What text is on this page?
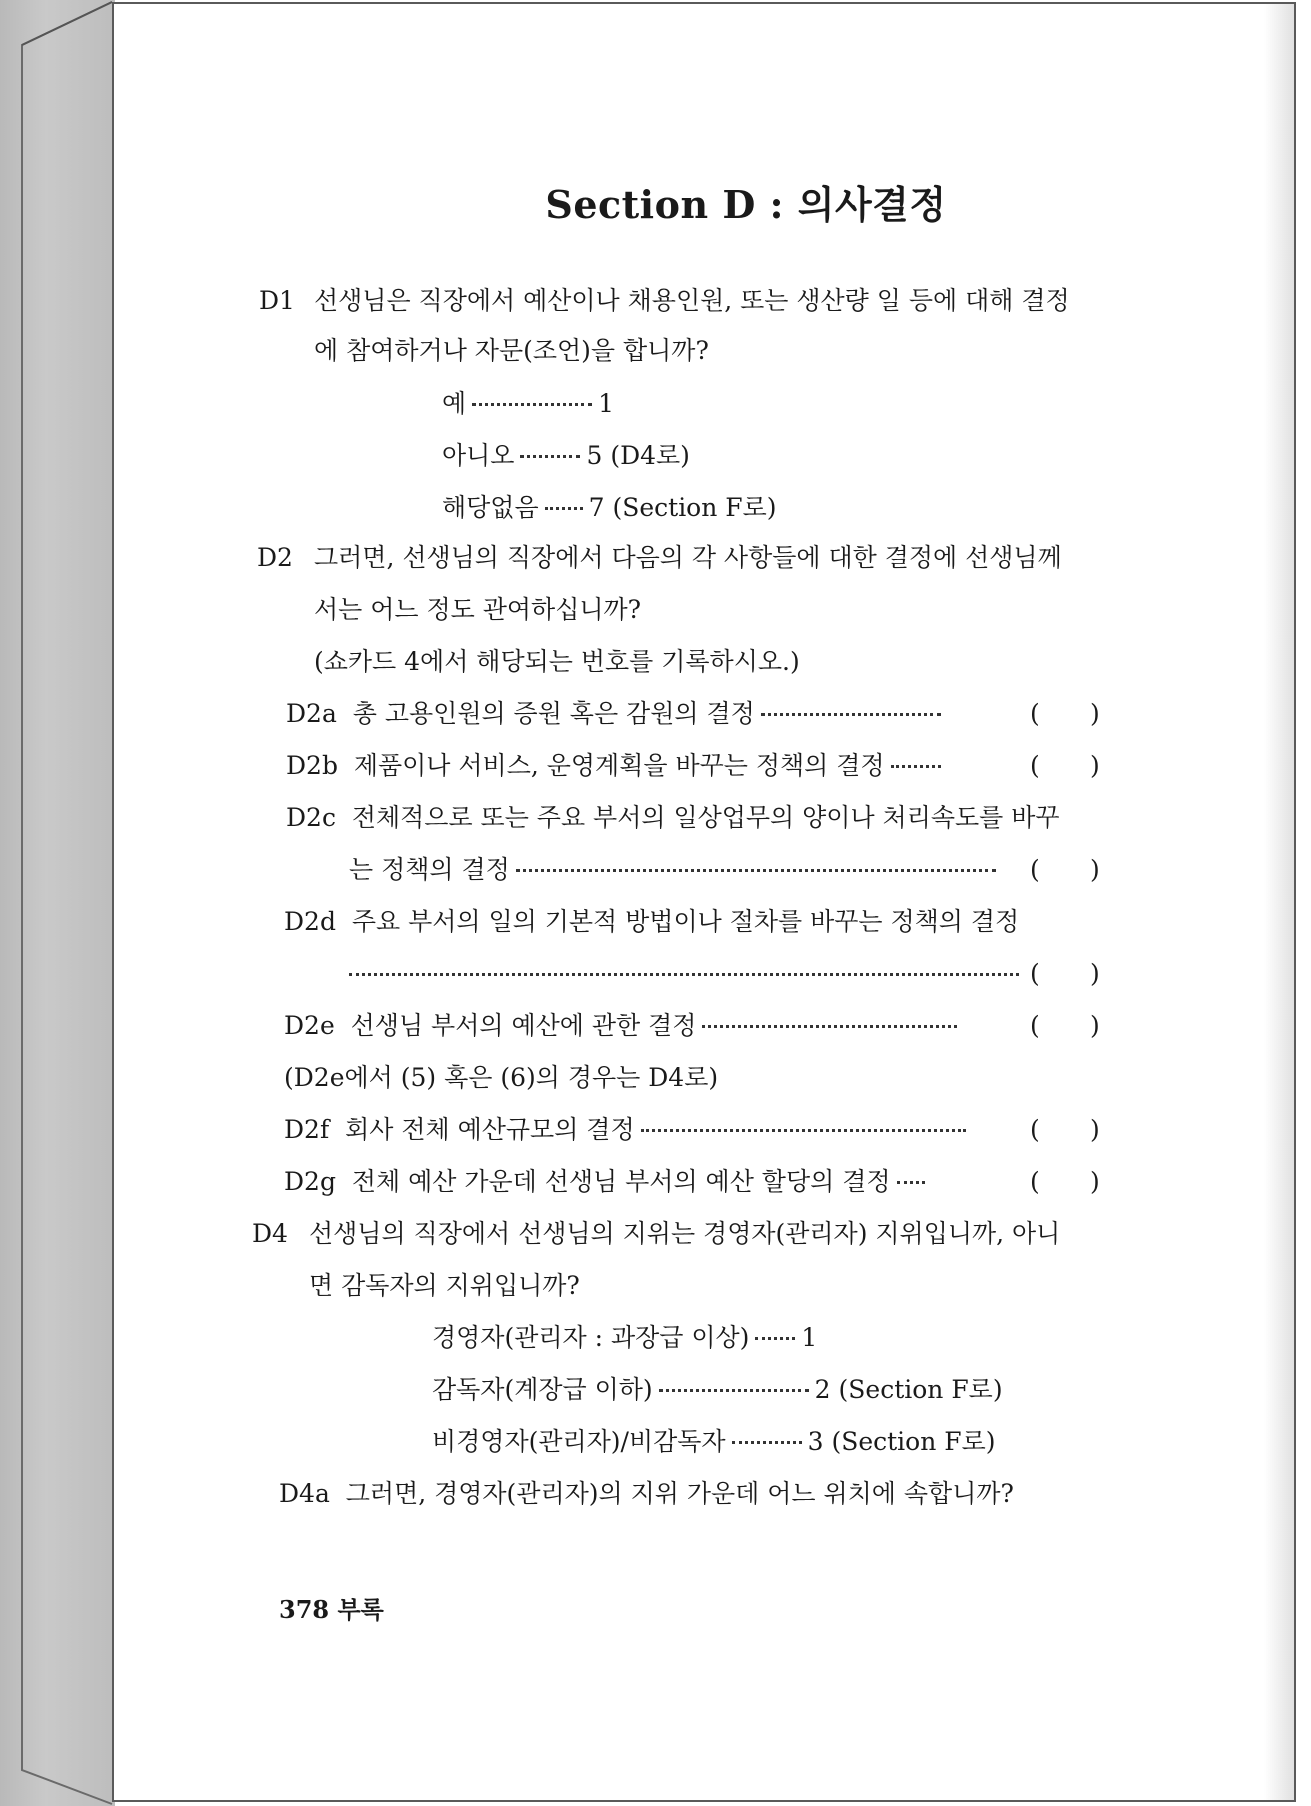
Section D : 의사결정
D1 선생님은 직장에서 예산이나 채용인원, 또는 생산량 일 등에 대해 결정
에 참여하거나 자문(조언)을 합니까?
예	1
아니오	5 (D4로)
해당없음 7 (Section F로)
D2 그러면, 선생님의 직장에서 다음의 각 사항들에 대한 결정에 선생님께
서는 어느 정도 관여하십니까?
(쇼카드 4에서 해당되는 번호를 기록하시오.)
D2a 총 고용인원의 증원 혹은 감원의 결정	( )
D2b 제품이나 서비스, 운영계획을 바꾸는 정책의 결정	( )
D2c 전체적으로 또는 주요 부서의 일상업무의 양이나 처리속도를 바꾸
는 정책의 결정	( )
D2d 주요 부서의 일의 기본적 방법이나 절차를 바꾸는 정책의 결정
( )
D2e 선생님 부서의 예산에 관한 결정	( )
(D2e에서 (5) 혹은 (6)의 경우는 D4로)
D2f 회사 전체 예산규모의 결정	( )
D2g 전체 예산 가운데 선생님 부서의 예산 할당의 결정	( )
D4 선생님의 직장에서 선생님의 지위는 경영자(관리자) 지위입니까, 아니
면 감독자의 지위입니까?
경영자(관리자 : 과장급 이상) 1
감독자(계장급 이하)	2 (Section F로)
비경영자(관리자)/비감독자	3 (Section F로)
D4a 그러면, 경영자(관리자)의 지위 가운데 어느 위치에 속합니까?
378 부록
